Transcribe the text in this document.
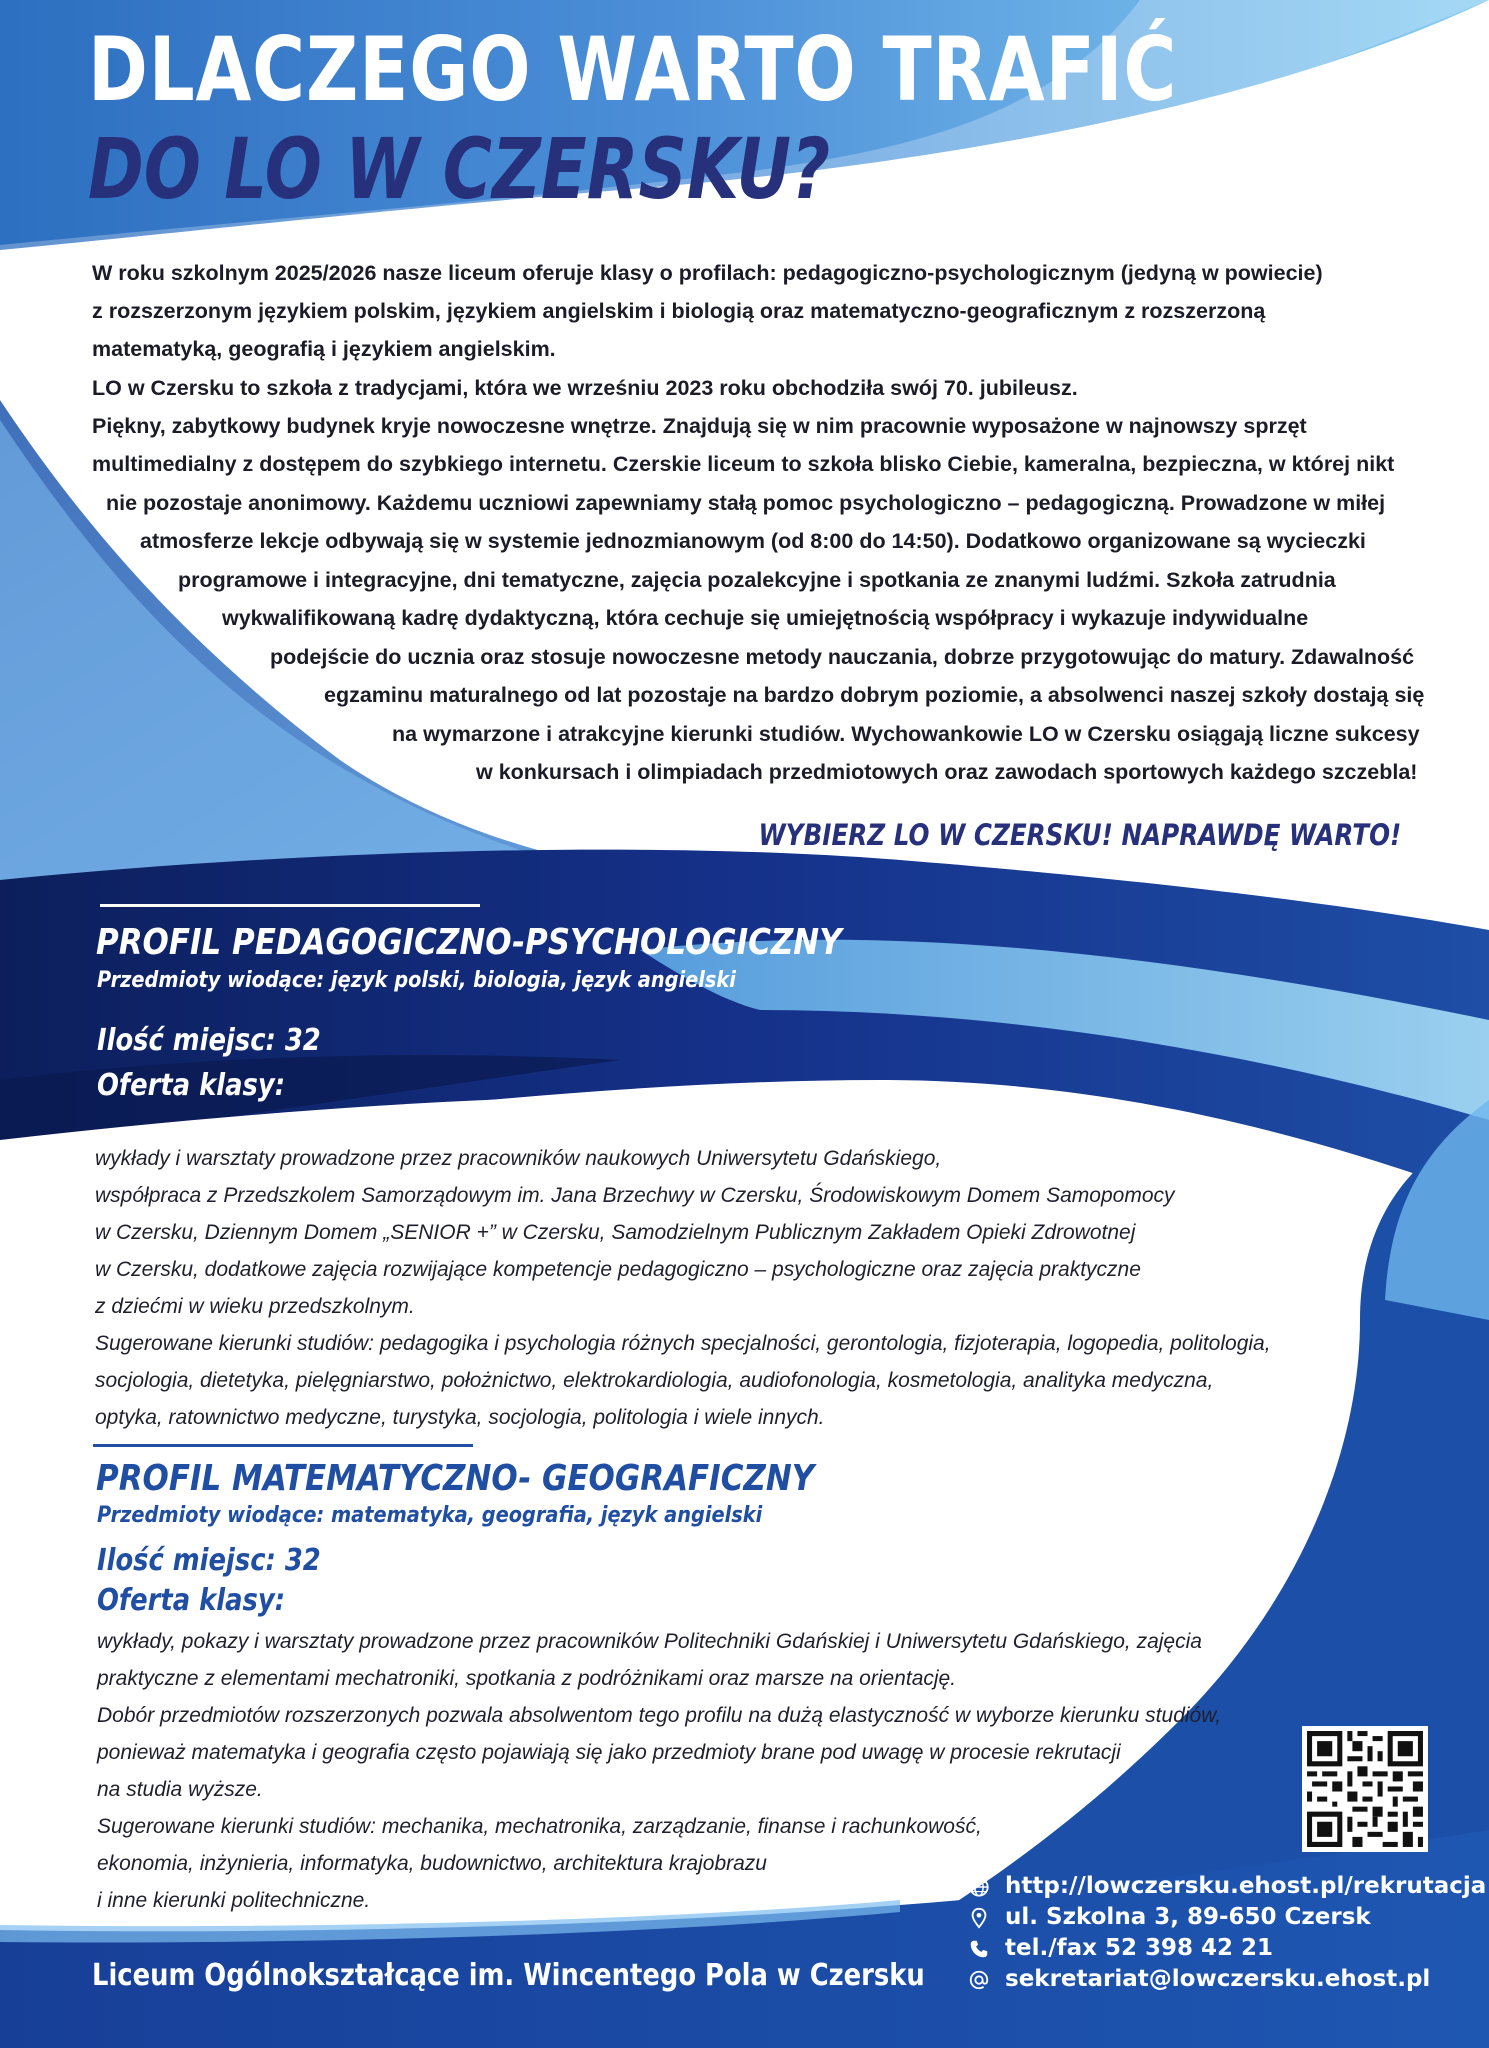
DLACZEGO WARTO TRAFIĆ
DO LO W CZERSKU?
W roku szkolnym 2025/2026 nasze liceum oferuje klasy o profilach: pedagogiczno-psychologicznym (jedyną w powiecie)
z rozszerzonym językiem polskim, językiem angielskim i biologią oraz matematyczno-geograficznym z rozszerzoną
matematyką, geografią i językiem angielskim.
LO w Czersku to szkoła z tradycjami, która we wrześniu 2023 roku obchodziła swój 70. jubileusz.
Piękny, zabytkowy budynek kryje nowoczesne wnętrze. Znajdują się w nim pracownie wyposażone w najnowszy sprzęt
multimedialny z dostępem do szybkiego internetu. Czerskie liceum to szkoła blisko Ciebie, kameralna, bezpieczna, w której nikt
nie pozostaje anonimowy. Każdemu uczniowi zapewniamy stałą pomoc psychologiczno – pedagogiczną. Prowadzone w miłej
atmosferze lekcje odbywają się w systemie jednozmianowym (od 8:00 do 14:50). Dodatkowo organizowane są wycieczki
programowe i integracyjne, dni tematyczne, zajęcia pozalekcyjne i spotkania ze znanymi ludźmi. Szkoła zatrudnia
wykwalifikowaną kadrę dydaktyczną, która cechuje się umiejętnością współpracy i wykazuje indywidualne
podejście do ucznia oraz stosuje nowoczesne metody nauczania, dobrze przygotowując do matury. Zdawalność
egzaminu maturalnego od lat pozostaje na bardzo dobrym poziomie, a absolwenci naszej szkoły dostają się
na wymarzone i atrakcyjne kierunki studiów. Wychowankowie LO w Czersku osiągają liczne sukcesy
w konkursach i olimpiadach przedmiotowych oraz zawodach sportowych każdego szczebla!
WYBIERZ LO W CZERSKU! NAPRAWDĘ WARTO!
PROFIL PEDAGOGICZNO-PSYCHOLOGICZNY
Przedmioty wiodące: język polski, biologia, język angielski
Ilość miejsc: 32
Oferta klasy:
wykłady i warsztaty prowadzone przez pracowników naukowych Uniwersytetu Gdańskiego,
współpraca z Przedszkolem Samorządowym im. Jana Brzechwy w Czersku, Środowiskowym Domem Samopomocy
w Czersku, Dziennym Domem „SENIOR +” w Czersku, Samodzielnym Publicznym Zakładem Opieki Zdrowotnej
w Czersku, dodatkowe zajęcia rozwijające kompetencje pedagogiczno – psychologiczne oraz zajęcia praktyczne
z dziećmi w wieku przedszkolnym.
Sugerowane kierunki studiów: pedagogika i psychologia różnych specjalności, gerontologia, fizjoterapia, logopedia, politologia,
socjologia, dietetyka, pielęgniarstwo, położnictwo, elektrokardiologia, audiofonologia, kosmetologia, analityka medyczna,
optyka, ratownictwo medyczne, turystyka, socjologia, politologia i wiele innych.
PROFIL MATEMATYCZNO- GEOGRAFICZNY
Przedmioty wiodące: matematyka, geografia, język angielski
Ilość miejsc: 32
Oferta klasy:
wykłady, pokazy i warsztaty prowadzone przez pracowników Politechniki Gdańskiej i Uniwersytetu Gdańskiego, zajęcia
praktyczne z elementami mechatroniki, spotkania z podróżnikami oraz marsze na orientację.
Dobór przedmiotów rozszerzonych pozwala absolwentom tego profilu na dużą elastyczność w wyborze kierunku studiów,
ponieważ matematyka i geografia często pojawiają się jako przedmioty brane pod uwagę w procesie rekrutacji
na studia wyższe.
Sugerowane kierunki studiów: mechanika, mechatronika, zarządzanie, finanse i rachunkowość,
ekonomia, inżynieria, informatyka, budownictwo, architektura krajobrazu
i inne kierunki politechniczne.
http://lowczersku.ehost.pl/rekrutacja
ul. Szkolna 3, 89-650 Czersk
tel./fax 52 398 42 21
sekretariat@lowczersku.ehost.pl
Liceum Ogólnokształcące im. Wincentego Pola w Czersku
